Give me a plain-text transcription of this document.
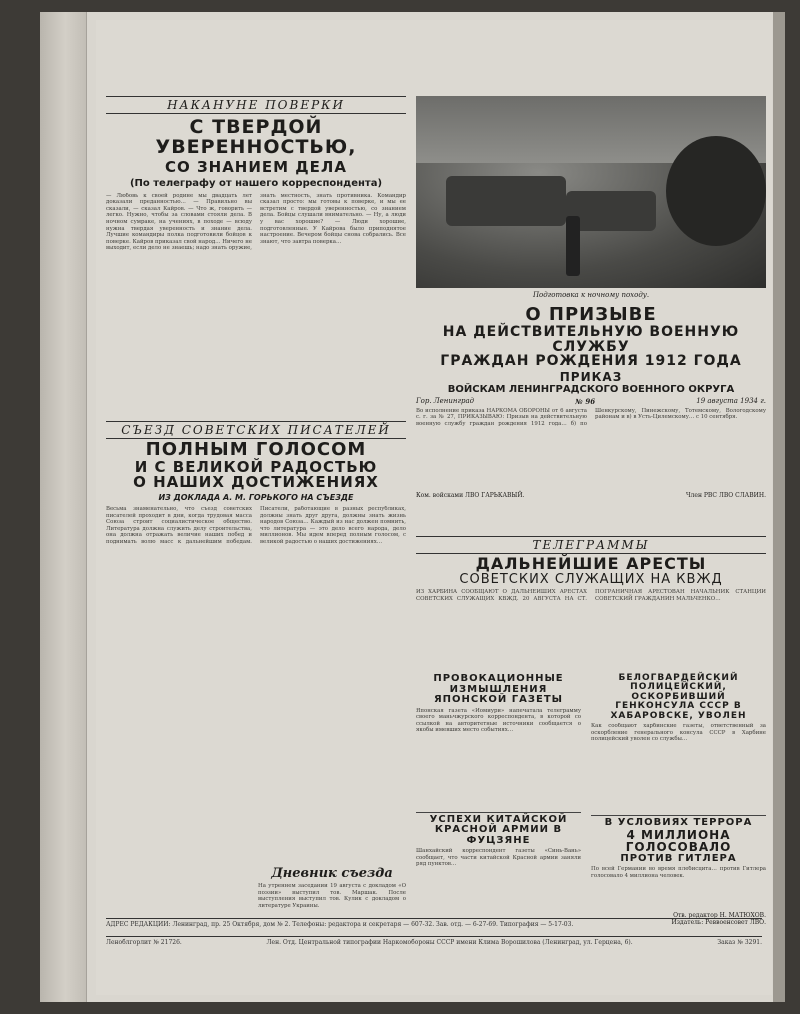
НАКАНУНЕ ПОВЕРКИ
С ТВЕРДОЙ УВЕРЕННОСТЬЮ,
СО ЗНАНИЕМ ДЕЛА
(По телеграфу от нашего корреспондента)
— Любовь к своей родине мы двадцать лет доказали преданностью… — Правильно вы сказали, — сказал Кайров. — Что ж, говорить — легко. Нужно, чтобы за словами стояли дела. В ночном сумраке, на учениях, в походе — всюду нужна твердая уверенность и знание дела. Лучшие командиры полка подготовили бойцов к поверке. Кайров приказал свой народ… Ничего не выходит, если дело не знаешь; надо знать оружие, знать местность, знать противника. Командир сказал просто: мы готовы к поверке, и мы ее встретим с твердой уверенностью, со знанием дела. Бойцы слушали внимательно. — Ну, а люди у вас хорошие? — Люди хорошие, подготовленные. У Кайрова было приподнятое настроение. Вечером бойцы снова собрались. Все знают, что завтра поверка…
СЪЕЗД СОВЕТСКИХ ПИСАТЕЛЕЙ
ПОЛНЫМ ГОЛОСОМ
И С ВЕЛИКОЙ РАДОСТЬЮ
О НАШИХ ДОСТИЖЕНИЯХ
ИЗ ДОКЛАДА А. М. ГОРЬКОГО НА СЪЕЗДЕ
Весьма знаменательно, что съезд советских писателей проходит в дни, когда трудовая масса Союза строит социалистическое общество. Литература должна служить делу строительства, она должна отражать величие наших побед и поднимать волю масс к дальнейшим победам. Писатели, работающие в разных республиках, должны знать друг друга, должны знать жизнь народов Союза… Каждый из нас должен помнить, что литература — это дело всего народа, дело миллионов. Мы идем вперед полным голосом, с великой радостью о наших достижениях…
Дневник съезда
На утреннем заседании 19 августа с докладом «О поэзии» выступил тов. Маршак. После выступления выступил тов. Кулик с докладом о литературе Украины.
Подготовка к ночному походу.
О ПРИЗЫВЕ
НА ДЕЙСТВИТЕЛЬНУЮ ВОЕННУЮ СЛУЖБУ
ГРАЖДАН РОЖДЕНИЯ 1912 ГОДА
ПРИКАЗ
ВОЙСКАМ ЛЕНИНГРАДСКОГО ВОЕННОГО ОКРУГА
Гор. Ленинград	№ 96	19 августа 1934 г.
Во исполнение приказа НАРКОМА ОБОРОНЫ от 6 августа с. г. за № 27, ПРИКАЗЫВАЮ: Призыв на действительную военную службу граждан рождения 1912 года… б) по Шенкурскому, Пинежскому, Тотемскому, Вологодскому районам и в) в Усть-Цилемскому… с 10 сентября.
Ком. войсками ЛВО ГАРЬКАВЫЙ.	Член РВС ЛВО СЛАВИН.
ТЕЛЕГРАММЫ
ДАЛЬНЕЙШИЕ АРЕСТЫ
СОВЕТСКИХ СЛУЖАЩИХ НА КВЖД
ИЗ ХАРБИНА СООБЩАЮТ О ДАЛЬНЕЙШИХ АРЕСТАХ СОВЕТСКИХ СЛУЖАЩИХ КВЖД. 20 АВГУСТА НА СТ. ПОГРАНИЧНАЯ АРЕСТОВАН НАЧАЛЬНИК СТАНЦИИ СОВЕТСКИЙ ГРАЖДАНИН МАЛЬЧЕНКО…
ПРОВОКАЦИОННЫЕ ИЗМЫШЛЕНИЯ ЯПОНСКОЙ ГАЗЕТЫ
Японская газета «Иомиури» напечатала телеграмму своего маньчжурского корреспондента, в которой со ссылкой на авторитетные источники сообщается о якобы имевших место событиях…
УСПЕХИ КИТАЙСКОЙ КРАСНОЙ АРМИИ В ФУЦЗЯНЕ
Шанхайский корреспондент газеты «Синь-Вань» сообщает, что части китайской Красной армии заняли ряд пунктов…
БЕЛОГВАРДЕЙСКИЙ ПОЛИЦЕЙСКИЙ, ОСКОРБИВШИЙ ГЕНКОНСУЛА СССР В ХАБАРОВСКЕ, УВОЛЕН
Как сообщают харбинские газеты, ответственный за оскорбление генерального консула СССР в Харбине полицейский уволен со службы…
В УСЛОВИЯХ ТЕРРОРА
4 МИЛЛИОНА ГОЛОСОВАЛО
ПРОТИВ ГИТЛЕРА
По всей Германии во время плебисцита… против Гитлера голосовало 4 миллиона человек.
Отв. редактор Н. МАТЮХОВ.
Издатель: Реввоенсовет ЛВО.
АДРЕС РЕДАКЦИИ: Ленинград, пр. 25 Октября, дом № 2. Телефоны: редактора и секретаря — 607-32. Зав. отд. — 6-27-69. Типография — 5-17-03.
Леноблгорлит № 21726.	Лен. Отд. Центральной типографии Наркомобороны СССР имени Клима Ворошилова (Ленинград, ул. Герцена, 6).	Заказ № 3291.
